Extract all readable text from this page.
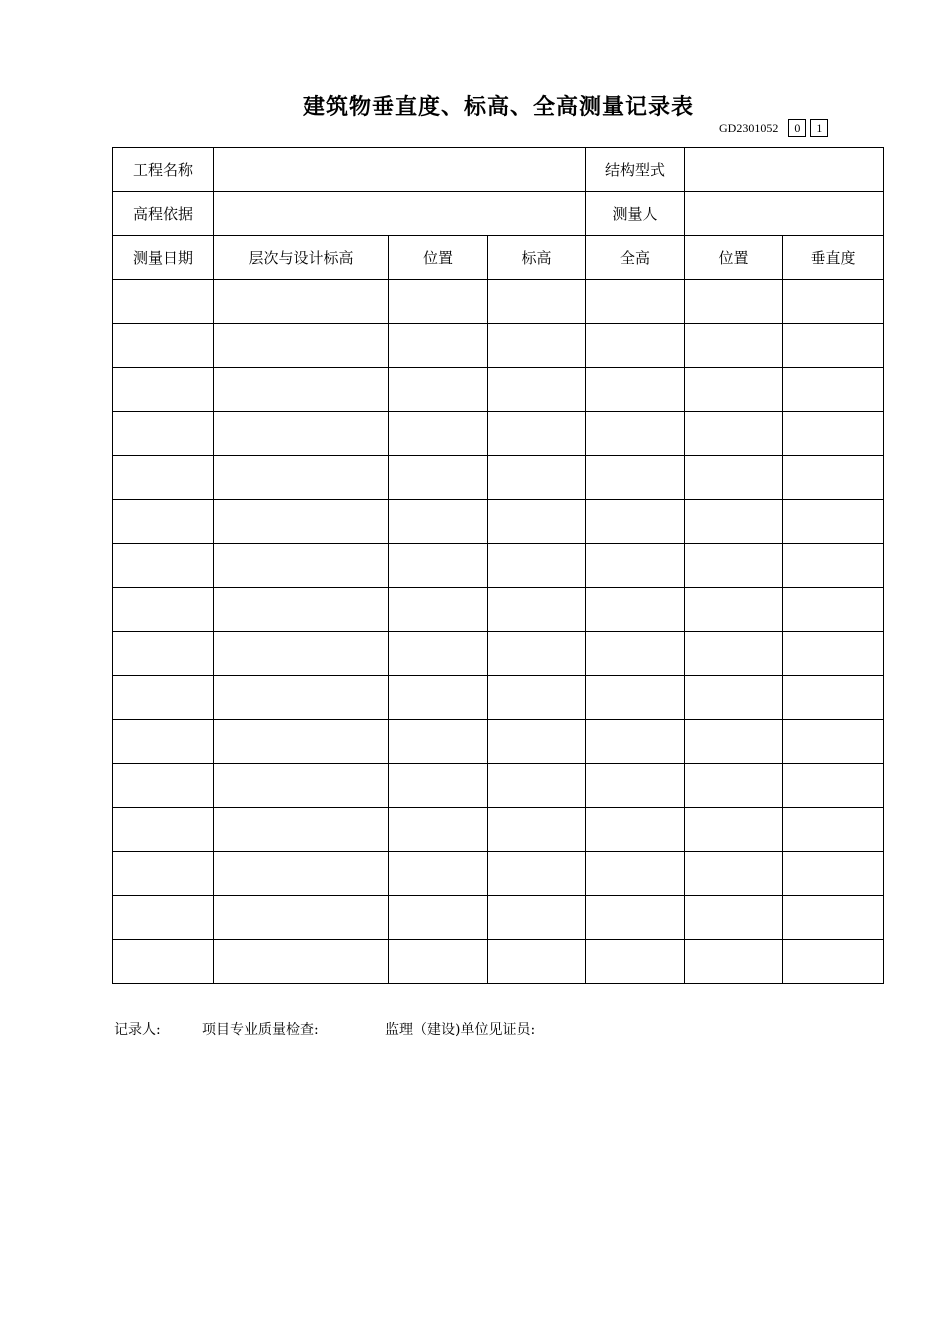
建筑物垂直度、标高、全高测量记录表
GD2301052	0	1
工程名称				结构型式		
高程依据				测量人		
测量日期	层次与设计标高	位置	标高	全高	位置	垂直度

记录人:	项目专业质量检查:	监理（建设)单位见证员:
